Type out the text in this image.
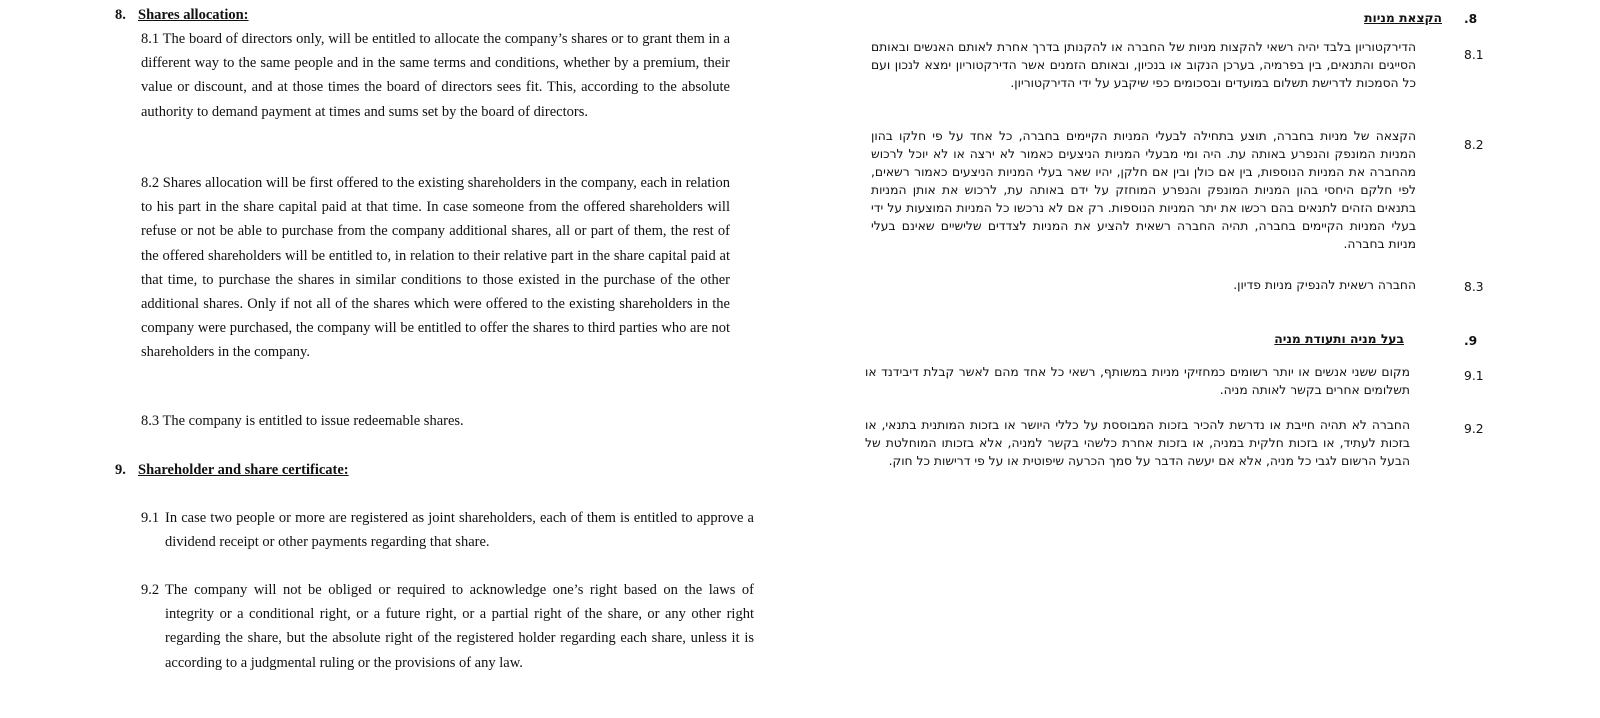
8. Shares allocation:
8.1 The board of directors only, will be entitled to allocate the company’s shares or to grant them in a different way to the same people and in the same terms and conditions, whether by a premium, their value or discount, and at those times the board of directors sees fit. This, according to the absolute authority to demand payment at times and sums set by the board of directors.
8.2 Shares allocation will be first offered to the existing shareholders in the company, each in relation to his part in the share capital paid at that time. In case someone from the offered shareholders will refuse or not be able to purchase from the company additional shares, all or part of them, the rest of the offered shareholders will be entitled to, in relation to their relative part in the share capital paid at that time, to purchase the shares in similar conditions to those existed in the purchase of the other additional shares. Only if not all of the shares which were offered to the existing shareholders in the company were purchased, the company will be entitled to offer the shares to third parties who are not shareholders in the company.
8.3 The company is entitled to issue redeemable shares.
9. Shareholder and share certificate:
9.1 In case two people or more are registered as joint shareholders, each of them is entitled to approve a dividend receipt or other payments regarding that share.
9.2 The company will not be obliged or required to acknowledge one’s right based on the laws of integrity or a conditional right, or a future right, or a partial right of the share, or any other right regarding the share, but the absolute right of the registered holder regarding each share, unless it is according to a judgmental ruling or the provisions of any law.
.8
הקצאת מניות
8.1
הדירקטוריון בלבד יהיה רשאי להקצות מניות של החברה או להקנותן בדרך אחרת לאותם האנשים ובאותם הסייגים והתנאים, בין בפרמיה, בערכן הנקוב או בנכיון, ובאותם הזמנים אשר הדירקטוריון ימצא לנכון ועם כל הסמכות לדרישת תשלום במועדים ובסכומים כפי שיקבע על ידי הדירקטוריון.
8.2
הקצאה של מניות בחברה, תוצע בתחילה לבעלי המניות הקיימים בחברה, כל אחד על פי חלקו בהון המניות המונפק והנפרע באותה עת. היה ומי מבעלי המניות הניצעים כאמור לא ירצה או לא יוכל לרכוש מהחברה את המניות הנוספות, בין אם כולן ובין אם חלקן, יהיו שאר בעלי המניות הניצעים כאמור רשאים, לפי חלקם היחסי בהון המניות המונפק והנפרע המוחזק על ידם באותה עת, לרכוש את אותן המניות בתנאים הזהים לתנאים בהם רכשו את יתר המניות הנוספות. רק אם לא נרכשו כל המניות המוצעות על ידי בעלי המניות הקיימים בחברה, תהיה החברה רשאית להציע את המניות לצדדים שלישיים שאינם בעלי מניות בחברה.
8.3
החברה רשאית להנפיק מניות פדיון.
.9
בעל מניה ותעודת מניה
9.1
מקום ששני אנשים או יותר רשומים כמחזיקי מניות במשותף, רשאי כל אחד מהם לאשר קבלת דיבידנד או תשלומים אחרים בקשר לאותה מניה.
9.2
החברה לא תהיה חייבת או נדרשת להכיר בזכות המבוססת על כללי היושר או בזכות המותנית בתנאי, או בזכות לעתיד, או בזכות חלקית במניה, או בזכות אחרת כלשהי בקשר למניה, אלא בזכותו המוחלטת של הבעל הרשום לגבי כל מניה, אלא אם יעשה הדבר על סמך הכרעה שיפוטית או על פי דרישות כל חוק.
